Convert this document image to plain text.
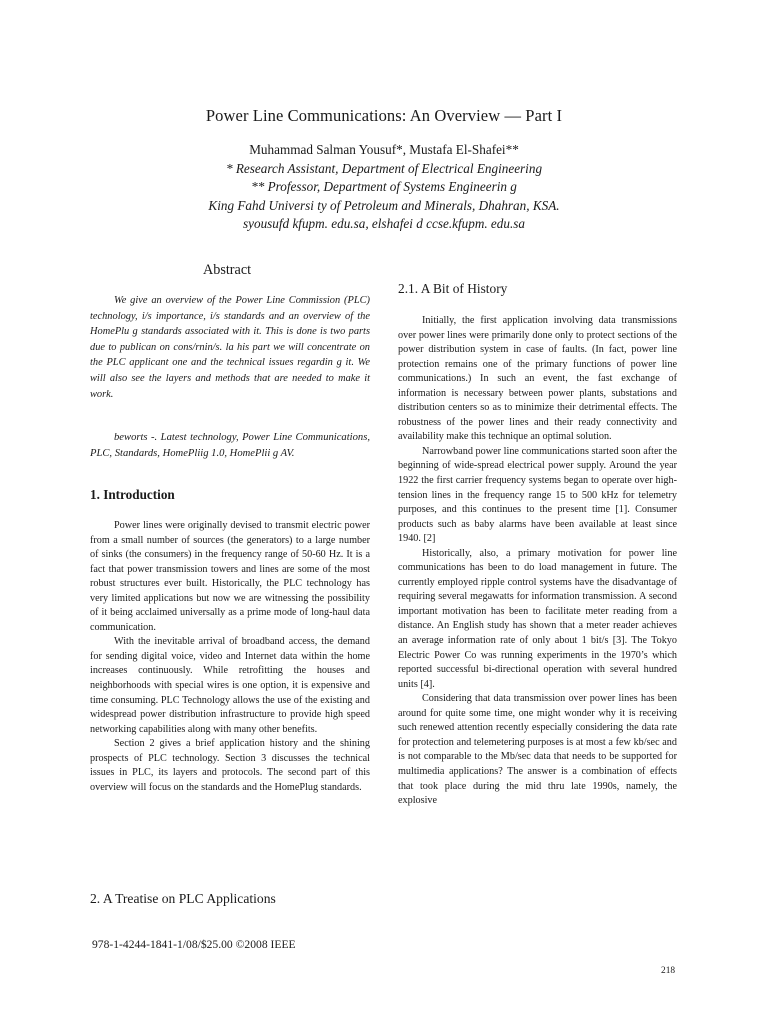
Power Line Communications: An Overview — Part I
Muhammad Salman Yousuf*, Mustafa El-Shafei**
* Research Assistant, Department of Electrical Engineering
** Professor, Department of Systems Engineerin g
King Fahd Universi ty of Petroleum and Minerals, Dhahran, KSA.
syousufd kfupm. edu.sa, elshafei d ccse.kfupm. edu.sa
Abstract

We give an overview of the Power Line Commission (PLC) technology, i/s importance, i/s standards and an overview of the HomePlu g standards associated with it. This is done is two parts due to publican on cons/rnin/s. la his part we will concentrate on the PLC applicant one and the technical issues regardin g it. We will also see the layers and methods that are needed to make it work.

beworts -. Latest technology, Power Line Communications, PLC, Standards, HomePliig 1.0, HomePlii g AV.

1. Introduction

Power lines were originally devised to transmit electric power from a small number of sources (the generators) to a large number of sinks (the consumers) in the frequency range of 50-60 Hz. It is a fact that power transmission towers and lines are some of the most robust structures ever built. Historically, the PLC technology has very limited applications but now we are witnessing the possibility of it being acclaimed universally as a prime mode of long-haul data communication.

With the inevitable arrival of broadband access, the demand for sending digital voice, video and Internet data within the home increases continuously. While retrofitting the houses and neighborhoods with special wires is one option, it is expensive and time consuming. PLC Technology allows the use of the existing and widespread power distribution infrastructure to provide high speed networking capabilities along with many other benefits.

Section 2 gives a brief application history and the shining prospects of PLC technology. Section 3 discusses the technical issues in PLC, its layers and protocols. The second part of this overview will focus on the standards and the HomePlug standards.

2. A Treatise on PLC Applications
2.1. A Bit of History

Initially, the first application involving data transmissions over power lines were primarily done only to protect sections of the power distribution system in case of faults. (In fact, power line protection remains one of the primary functions of power line communications.) In such an event, the fast exchange of information is necessary between power plants, substations and distribution centers so as to minimize their detrimental effects. The robustness of the power lines and their ready connectivity and availability make this technique an optimal solution.

Narrowband power line communications started soon after the beginning of wide-spread electrical power supply. Around the year 1922 the first carrier frequency systems began to operate over high-tension lines in the frequency range 15 to 500 kHz for telemetry purposes, and this continues to the present time [1]. Consumer products such as baby alarms have been available at least since 1940. [2]

Historically, also, a primary motivation for power line communications has been to do load management in future. The currently employed ripple control systems have the disadvantage of requiring several megawatts for information transmission. A second important motivation has been to facilitate meter reading from a distance. An English study has shown that a meter reader achieves an average information rate of only about 1 bit/s [3]. The Tokyo Electric Power Co was running experiments in the 1970’s which reported successful bi-directional operation with several hundred units [4].

Considering that data transmission over power lines has been around for quite some time, one might wonder why it is receiving such renewed attention recently especially considering the data rate for protection and telemetering purposes is at most a few kb/sec and is not comparable to the Mb/sec data that needs to be supported for multimedia applications? The answer is a combination of effects that took place during the mid thru late 1990s, namely, the explosive

978-1-4244-1841-1/08/$25.00 ©2008 IEEE
218
